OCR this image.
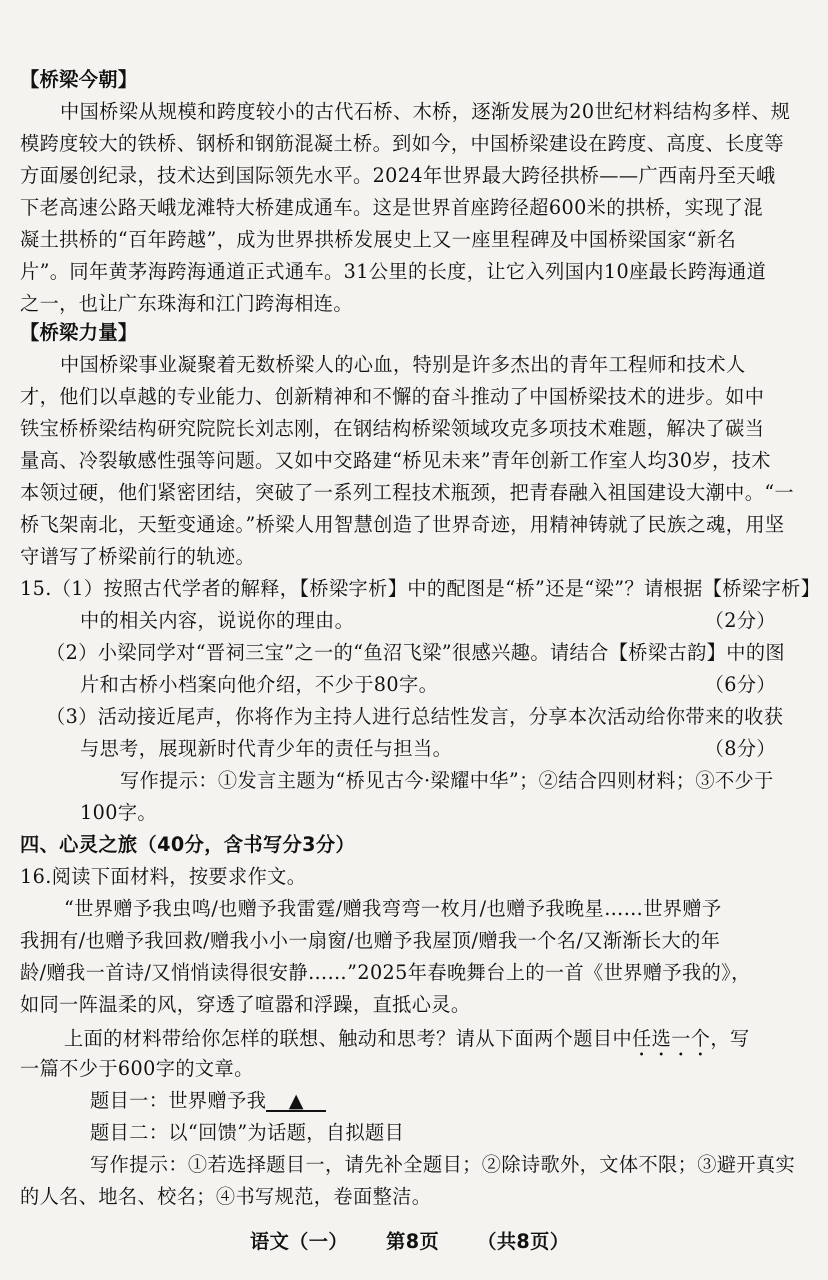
【桥梁今朝】
中国桥梁从规模和跨度较小的古代石桥、木桥，逐渐发展为20世纪材料结构多样、规
模跨度较大的铁桥、钢桥和钢筋混凝土桥。到如今，中国桥梁建设在跨度、高度、长度等
方面屡创纪录，技术达到国际领先水平。2024年世界最大跨径拱桥——广西南丹至天峨
下老高速公路天峨龙滩特大桥建成通车。这是世界首座跨径超600米的拱桥，实现了混
凝土拱桥的“百年跨越”，成为世界拱桥发展史上又一座里程碑及中国桥梁国家“新名
片”。同年黄茅海跨海通道正式通车。31公里的长度，让它入列国内10座最长跨海通道
之一，也让广东珠海和江门跨海相连。
【桥梁力量】
中国桥梁事业凝聚着无数桥梁人的心血，特别是许多杰出的青年工程师和技术人
才，他们以卓越的专业能力、创新精神和不懈的奋斗推动了中国桥梁技术的进步。如中
铁宝桥桥梁结构研究院院长刘志刚，在钢结构桥梁领域攻克多项技术难题，解决了碳当
量高、冷裂敏感性强等问题。又如中交路建“桥见未来”青年创新工作室人均30岁，技术
本领过硬，他们紧密团结，突破了一系列工程技术瓶颈，把青春融入祖国建设大潮中。“一
桥飞架南北，天堑变通途。”桥梁人用智慧创造了世界奇迹，用精神铸就了民族之魂，用坚
守谱写了桥梁前行的轨迹。
15.（1）按照古代学者的解释，【桥梁字析】中的配图是“桥”还是“梁”？请根据【桥梁字析】
中的相关内容，说说你的理由。	（2分）
（2）小梁同学对“晋祠三宝”之一的“鱼沼飞梁”很感兴趣。请结合【桥梁古韵】中的图
片和古桥小档案向他介绍，不少于80字。	（6分）
（3）活动接近尾声，你将作为主持人进行总结性发言，分享本次活动给你带来的收获
与思考，展现新时代青少年的责任与担当。	（8分）
写作提示：①发言主题为“桥见古今·梁耀中华”；②结合四则材料；③不少于
100字。
四、心灵之旅（40分，含书写分3分）
16.阅读下面材料，按要求作文。
“世界赠予我虫鸣/也赠予我雷霆/赠我弯弯一枚月/也赠予我晚星……世界赠予
我拥有/也赠予我回救/赠我小小一扇窗/也赠予我屋顶/赠我一个名/又渐渐长大的年
龄/赠我一首诗/又悄悄读得很安静……”2025年春晚舞台上的一首《世界赠予我的》，
如同一阵温柔的风，穿透了喧嚣和浮躁，直抵心灵。
上面的材料带给你怎样的联想、触动和思考？请从下面两个题目中任选一个，写
一篇不少于600字的文章。
题目一：世界赠予我 ▲
题目二：以“回馈”为话题，自拟题目
写作提示：①若选择题目一，请先补全题目；②除诗歌外，文体不限；③避开真实
的人名、地名、校名；④书写规范，卷面整洁。
语文（一） 第8页 （共8页）
